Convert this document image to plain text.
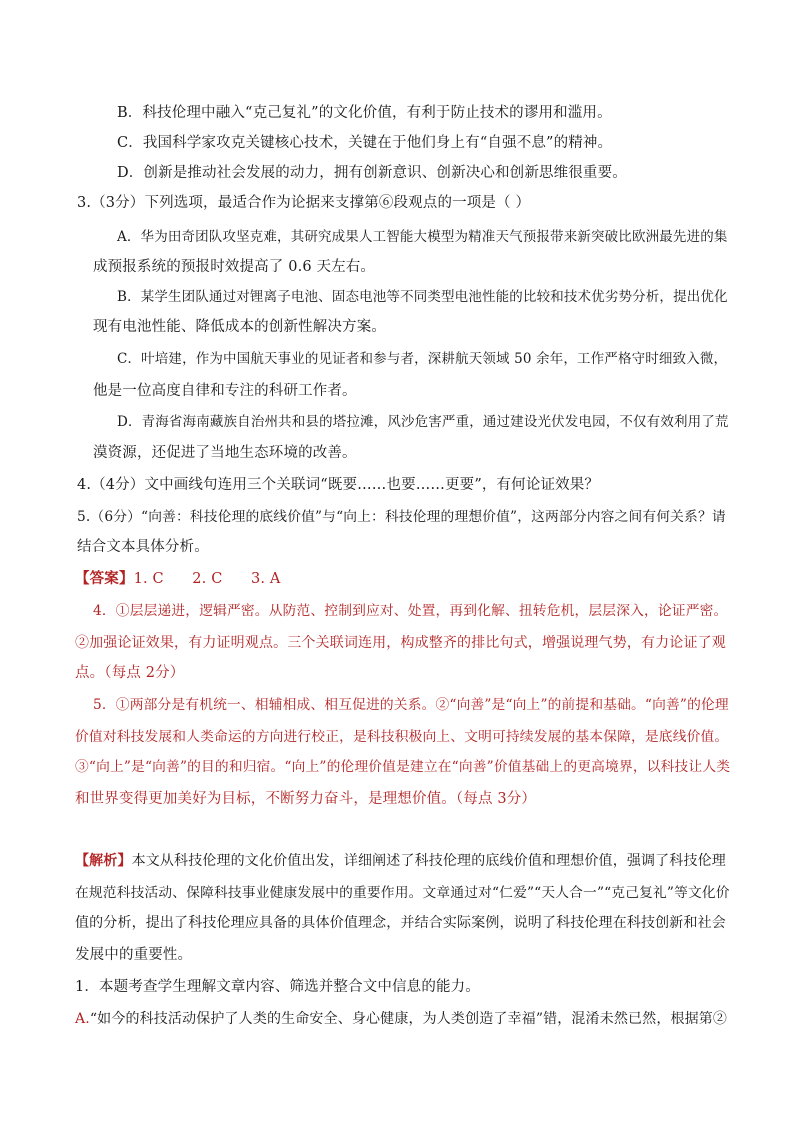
B．科技伦理中融入“克己复礼”的文化价值，有利于防止技术的谬用和滥用。
C．我国科学家攻克关键核心技术，关键在于他们身上有“自强不息”的精神。
D．创新是推动社会发展的动力，拥有创新意识、创新决心和创新思维很重要。
3.（3分）下列选项，最适合作为论据来支撑第⑥段观点的一项是（ ）
A．华为田奇团队攻坚克难，其研究成果人工智能大模型为精准天气预报带来新突破比欧洲最先进的集
成预报系统的预报时效提高了 0.6 天左右。
B．某学生团队通过对锂离子电池、固态电池等不同类型电池性能的比较和技术优劣势分析，提出优化
现有电池性能、降低成本的创新性解决方案。
C．叶培建，作为中国航天事业的见证者和参与者，深耕航天领域 50 余年，工作严格守时细致入微，
他是一位高度自律和专注的科研工作者。
D．青海省海南藏族自治州共和县的塔拉滩，风沙危害严重，通过建设光伏发电园，不仅有效利用了荒
漠资源，还促进了当地生态环境的改善。
4.（4分）文中画线句连用三个关联词“既要……也要……更要”，有何论证效果？
5.（6分）“向善：科技伦理的底线价值”与“向上：科技伦理的理想价值”，这两部分内容之间有何关系？请
结合文本具体分析。
【答案】1. C      2. C      3. A
4．①层层递进，逻辑严密。从防范、控制到应对、处置，再到化解、扭转危机，层层深入，论证严密。
②加强论证效果，有力证明观点。三个关联词连用，构成整齐的排比句式，增强说理气势，有力论证了观
点。（每点 2分）
5．①两部分是有机统一、相辅相成、相互促进的关系。②“向善”是“向上”的前提和基础。“向善”的伦理
价值对科技发展和人类命运的方向进行校正，是科技积极向上、文明可持续发展的基本保障，是底线价值。
③“向上”是“向善”的目的和归宿。“向上”的伦理价值是建立在“向善”价值基础上的更高境界，以科技让人类
和世界变得更加美好为目标，不断努力奋斗，是理想价值。（每点 3分）
【解析】本文从科技伦理的文化价值出发，详细阐述了科技伦理的底线价值和理想价值，强调了科技伦理
在规范科技活动、保障科技事业健康发展中的重要作用。文章通过对“仁爱”“天人合一”“克己复礼”等文化价
值的分析，提出了科技伦理应具备的具体价值理念，并结合实际案例，说明了科技伦理在科技创新和社会
发展中的重要性。
1．本题考查学生理解文章内容、筛选并整合文中信息的能力。
A.“如今的科技活动保护了人类的生命安全、身心健康，为人类创造了幸福”错，混淆未然已然，根据第②
